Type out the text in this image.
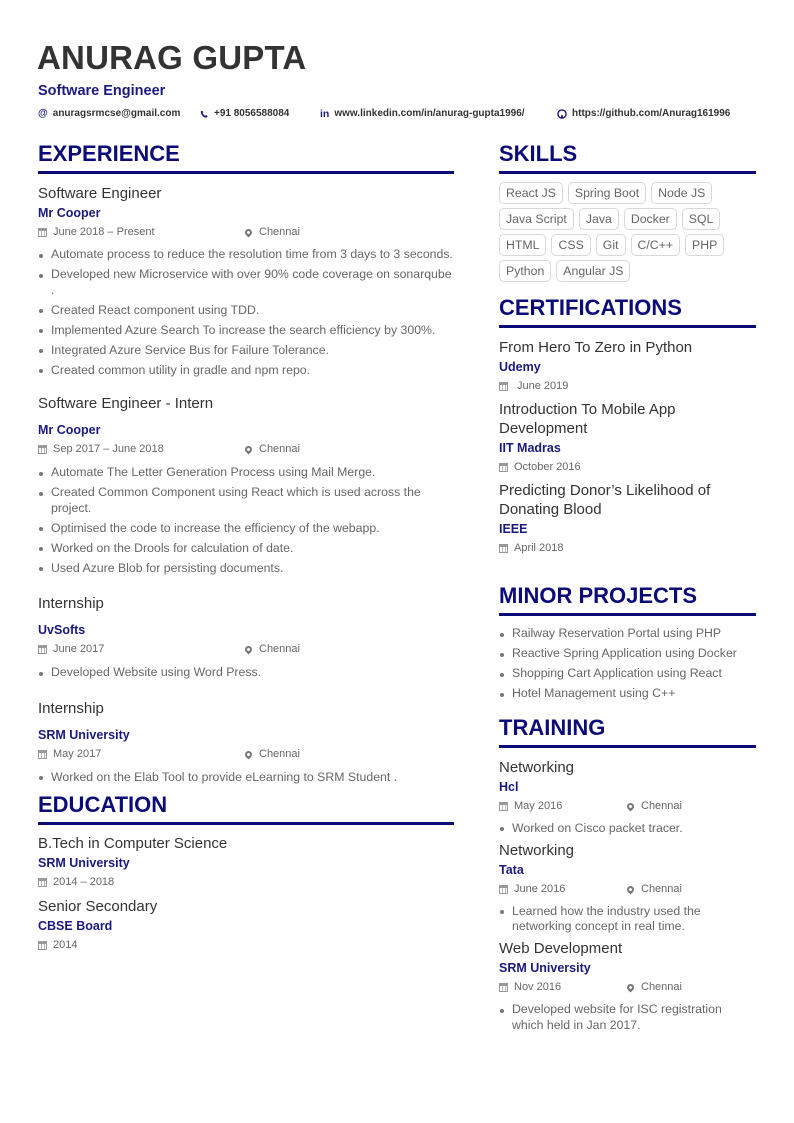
ANURAG GUPTA
Software Engineer
@ anuragsrmcse@gmail.com	+91 8056588084	in www.linkedin.com/in/anurag-gupta1996/	https://github.com/Anurag161996
EXPERIENCE
Software Engineer
Mr Cooper
June 2018 – Present	Chennai
Automate process to reduce the resolution time from 3 days to 3 seconds.
Developed new Microservice with over 90% code coverage on sonarqube .
Created React component using TDD.
Implemented Azure Search To increase the search efficiency by 300%.
Integrated Azure Service Bus for Failure Tolerance.
Created common utility in gradle and npm repo.
Software Engineer - Intern
Mr Cooper
Sep 2017 – June 2018	Chennai
Automate The Letter Generation Process using Mail Merge.
Created Common Component using React which is used across the project.
Optimised the code to increase the efficiency of the webapp.
Worked on the Drools for calculation of date.
Used Azure Blob for persisting documents.
Internship
UvSofts
June 2017	Chennai
Developed Website using Word Press.
Internship
SRM University
May 2017	Chennai
Worked on the Elab Tool to provide eLearning to SRM Student .
EDUCATION
B.Tech in Computer Science
SRM University
2014 – 2018
Senior Secondary
CBSE Board
2014
SKILLS
React JS	Spring Boot	Node JS
Java Script	Java	Docker	SQL
HTML	CSS	Git	C/C++	PHP
Python	Angular JS
CERTIFICATIONS
From Hero To Zero in Python
Udemy
June 2019
Introduction To Mobile App Development
IIT Madras
October 2016
Predicting Donor’s Likelihood of Donating Blood
IEEE
April 2018
MINOR PROJECTS
Railway Reservation Portal using PHP
Reactive Spring Application using Docker
Shopping Cart Application using React
Hotel Management using C++
TRAINING
Networking
Hcl
May 2016	Chennai
Worked on Cisco packet tracer.
Networking
Tata
June 2016	Chennai
Learned how the industry used the networking concept in real time.
Web Development
SRM University
Nov 2016	Chennai
Developed website for ISC registration which held in Jan 2017.
